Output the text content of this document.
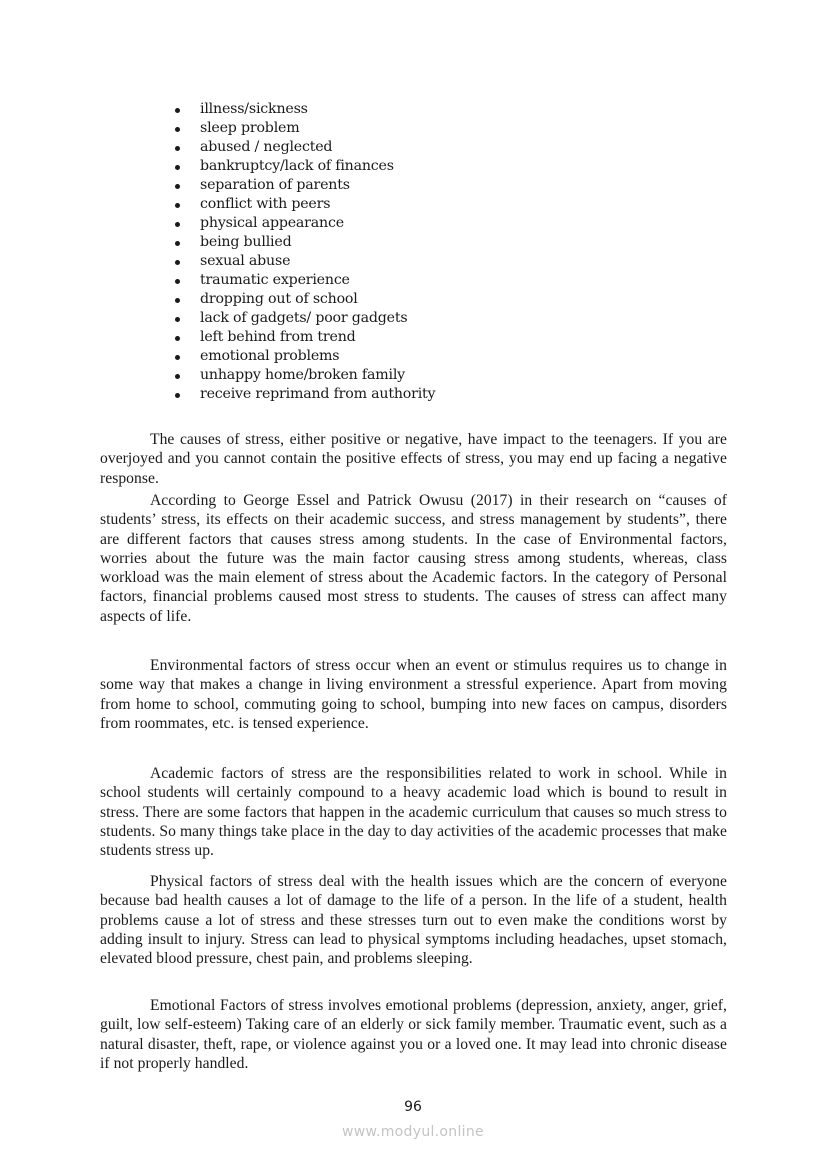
illness/sickness
sleep problem
abused / neglected
bankruptcy/lack of finances
separation of parents
conflict with peers
physical appearance
being bullied
sexual abuse
traumatic experience
dropping out of school
lack of gadgets/ poor gadgets
left behind from trend
emotional problems
unhappy home/broken family
receive reprimand from authority

The causes of stress, either positive or negative, have impact to the teenagers. If you are overjoyed and you cannot contain the positive effects of stress, you may end up facing a negative response.

According to George Essel and Patrick Owusu (2017) in their research on “causes of students’ stress, its effects on their academic success, and stress management by students”, there are different factors that causes stress among students. In the case of Environmental factors, worries about the future was the main factor causing stress among students, whereas, class workload was the main element of stress about the Academic factors. In the category of Personal factors, financial problems caused most stress to students. The causes of stress can affect many aspects of life.

Environmental factors of stress occur when an event or stimulus requires us to change in some way that makes a change in living environment a stressful experience. Apart from moving from home to school, commuting going to school, bumping into new faces on campus, disorders from roommates, etc. is tensed experience.

Academic factors of stress are the responsibilities related to work in school. While in school students will certainly compound to a heavy academic load which is bound to result in stress. There are some factors that happen in the academic curriculum that causes so much stress to students. So many things take place in the day to day activities of the academic processes that make students stress up.

Physical factors of stress deal with the health issues which are the concern of everyone because bad health causes a lot of damage to the life of a person. In the life of a student, health problems cause a lot of stress and these stresses turn out to even make the conditions worst by adding insult to injury. Stress can lead to physical symptoms including headaches, upset stomach, elevated blood pressure, chest pain, and problems sleeping.

Emotional Factors of stress involves emotional problems (depression, anxiety, anger, grief, guilt, low self-esteem) Taking care of an elderly or sick family member. Traumatic event, such as a natural disaster, theft, rape, or violence against you or a loved one. It may lead into chronic disease if not properly handled.

96
www.modyul.online
